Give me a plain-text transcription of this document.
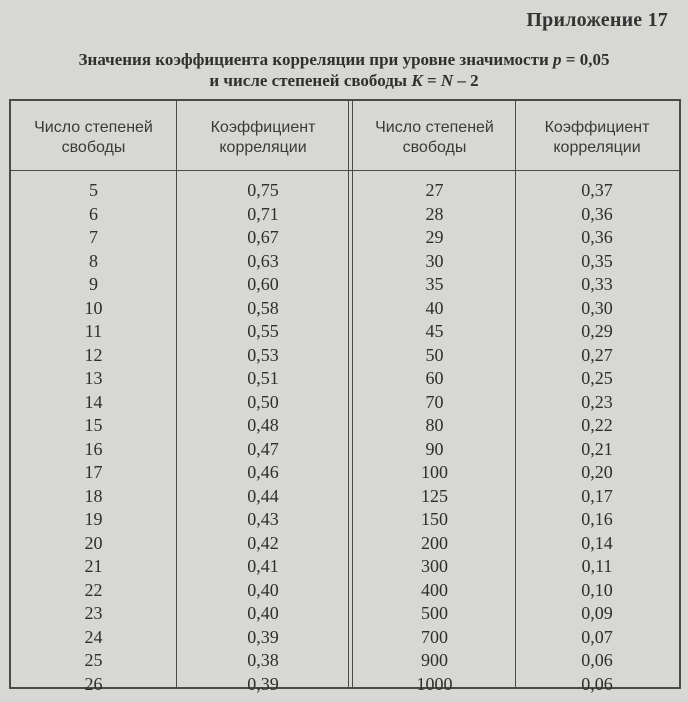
Приложение 17
Значения коэффициента корреляции при уровне значимости p = 0,05
и числе степеней свободы K = N – 2
Число степеней
свободы
5
6
7
8
9
10
11
12
13
14
15
16
17
18
19
20
21
22
23
24
25
26
Коэффициент
корреляции
0,75
0,71
0,67
0,63
0,60
0,58
0,55
0,53
0,51
0,50
0,48
0,47
0,46
0,44
0,43
0,42
0,41
0,40
0,40
0,39
0,38
0,39
Число степеней
свободы
27
28
29
30
35
40
45
50
60
70
80
90
100
125
150
200
300
400
500
700
900
1000
Коэффициент
корреляции
0,37
0,36
0,36
0,35
0,33
0,30
0,29
0,27
0,25
0,23
0,22
0,21
0,20
0,17
0,16
0,14
0,11
0,10
0,09
0,07
0,06
0,06
